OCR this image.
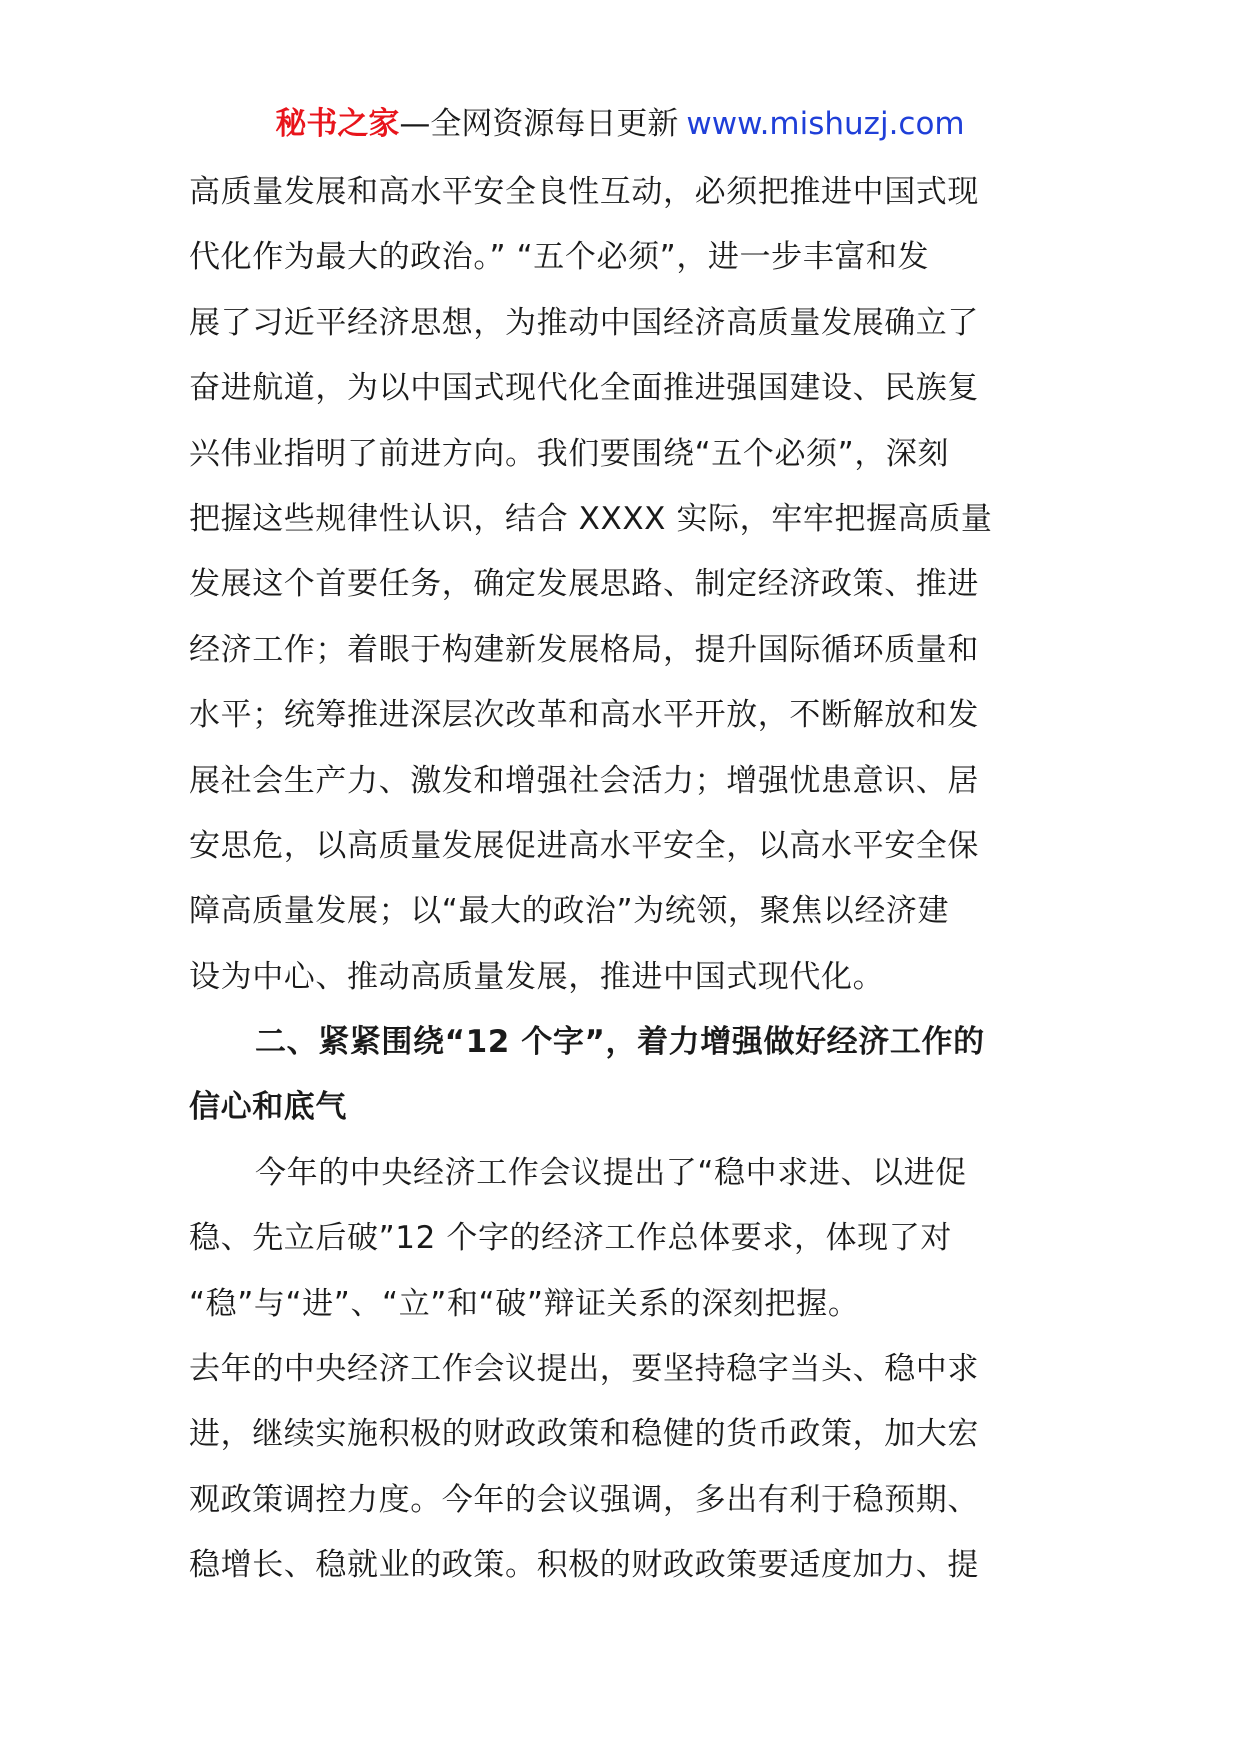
秘书之家—全网资源每日更新 www.mishuzj.com
高质量发展和高水平安全良性互动，必须把推进中国式现
代化作为最大的政治。” “五个必须”，进一步丰富和发
展了习近平经济思想，为推动中国经济高质量发展确立了
奋进航道，为以中国式现代化全面推进强国建设、民族复
兴伟业指明了前进方向。我们要围绕“五个必须”，深刻
把握这些规律性认识，结合 XXXX 实际，牢牢把握高质量
发展这个首要任务，确定发展思路、制定经济政策、推进
经济工作；着眼于构建新发展格局，提升国际循环质量和
水平；统筹推进深层次改革和高水平开放，不断解放和发
展社会生产力、激发和增强社会活力；增强忧患意识、居
安思危，以高质量发展促进高水平安全，以高水平安全保
障高质量发展；以“最大的政治”为统领，聚焦以经济建
设为中心、推动高质量发展，推进中国式现代化。
二、紧紧围绕“12 个字”，着力增强做好经济工作的
信心和底气
今年的中央经济工作会议提出了“稳中求进、以进促
稳、先立后破”12 个字的经济工作总体要求，体现了对
“稳”与“进”、“立”和“破”辩证关系的深刻把握。
去年的中央经济工作会议提出，要坚持稳字当头、稳中求
进，继续实施积极的财政政策和稳健的货币政策，加大宏
观政策调控力度。今年的会议强调，多出有利于稳预期、
稳增长、稳就业的政策。积极的财政政策要适度加力、提
